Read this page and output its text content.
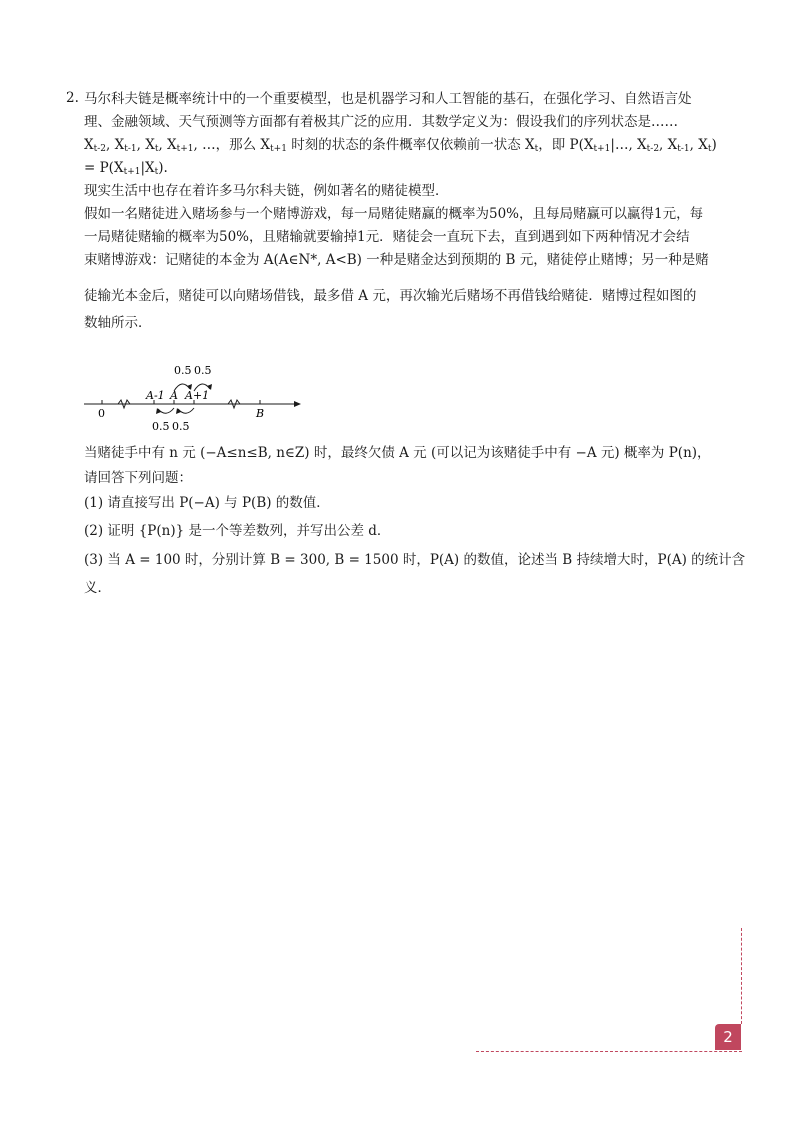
2. 马尔科夫链是概率统计中的一个重要模型，也是机器学习和人工智能的基石，在强化学习、自然语言处
理、金融领域、天气预测等方面都有着极其广泛的应用．其数学定义为：假设我们的序列状态是……
$X_{t-2}$, $X_{t-1}$, $X_t$, $X_{t+1}$, …，那么 $X_{t+1}$ 时刻的状态的条件概率仅依赖前一状态 $X_t$，即 $P(X_{t+1}|\dots$, $X_{t-2}$, $X_{t-1}$, $X_t$)
= $P(X_{t+1}|X_t)$.
现实生活中也存在着许多马尔科夫链，例如著名的赌徒模型．
假如一名赌徒进入赌场参与一个赌博游戏，每一局赌徒赌赢的概率为50%，且每局赌赢可以赢得1元，每
一局赌徒赌输的概率为50%，且赌输就要输掉1元．赌徒会一直玩下去，直到遇到如下两种情况才会结
束赌博游戏：记赌徒的本金为 A(A∈N*, A<B) 一种是赌金达到预期的 B 元，赌徒停止赌博；另一种是赌
徒输光本金后，赌徒可以向赌场借钱，最多借 A 元，再次输光后赌场不再借钱给赌徒．赌博过程如图的
数轴所示．
0
A-1 A A+1
B
0.5 0.5
0.5 0.5
当赌徒手中有 n 元 (−A≤n≤B, n∈Z) 时，最终欠债 A 元 (可以记为该赌徒手中有 −A 元) 概率为 P(n)，
请回答下列问题：
(1) 请直接写出 P(−A) 与 P(B) 的数值．
(2) 证明 {P(n)} 是一个等差数列，并写出公差 d．
(3) 当 A = 100 时，分别计算 B = 300, B = 1500 时，P(A) 的数值，论述当 B 持续增大时，P(A) 的统计含
义．
2
